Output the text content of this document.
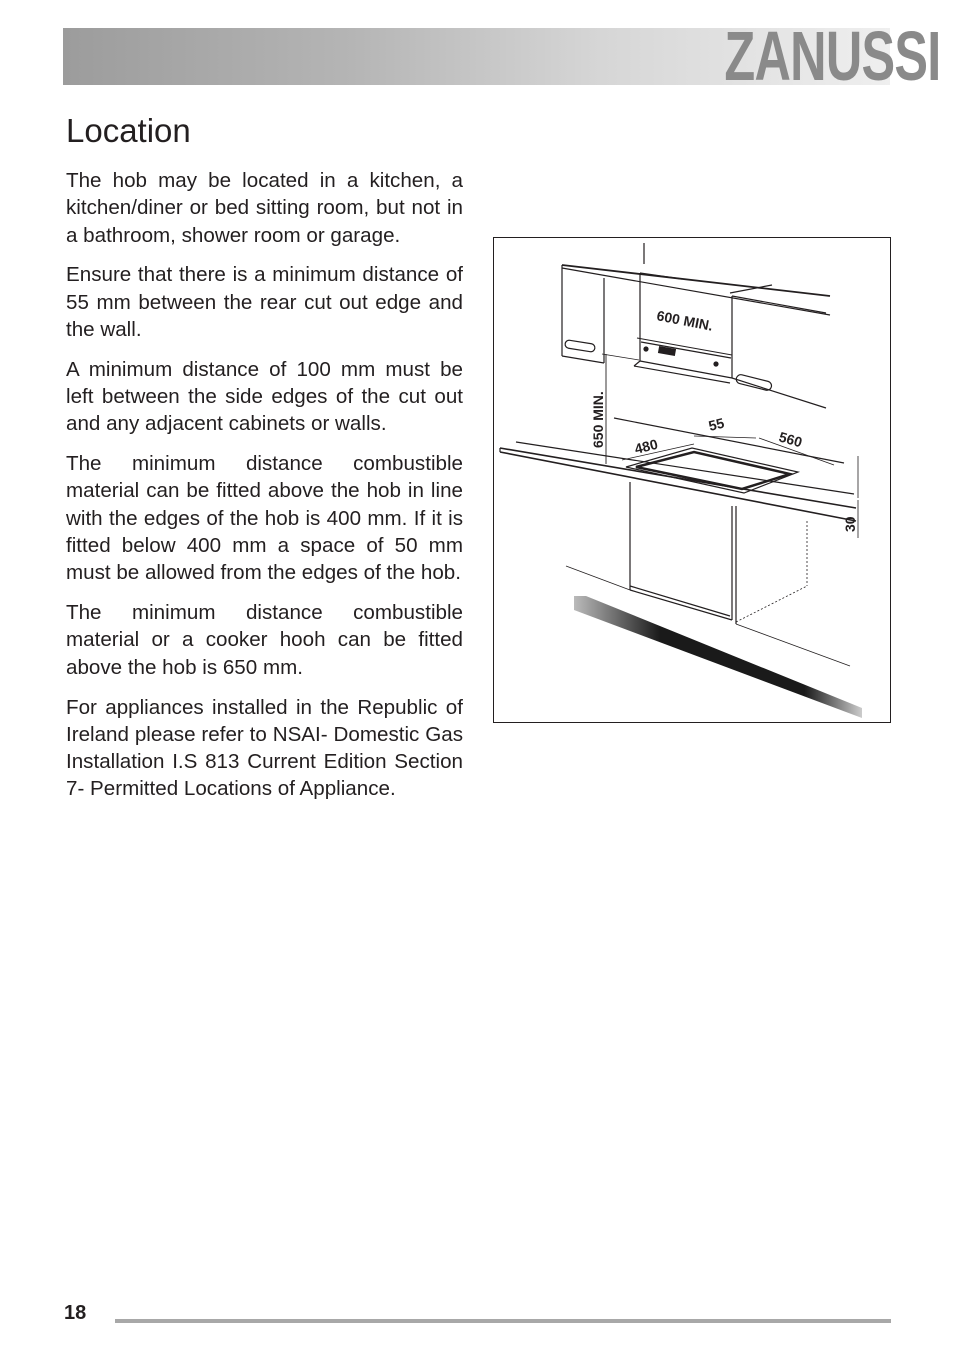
ZANUSSI
Location

The hob may be located in a kitchen, a kitchen/diner or bed sitting room, but not in a bathroom, shower room or garage.

Ensure that there is a minimum distance of 55 mm between the rear cut out edge and the wall.

A minimum distance of 100 mm must be left between the side edges of the cut out and any adjacent cabinets or walls.

The minimum distance combustible material can be fitted above the hob in line with the edges of the hob is 400 mm. If it is fitted below 400 mm a space of 50 mm must be allowed from the edges of the hob.

The minimum distance combustible material or a cooker hooh can be fitted above the hob is 650 mm.

For appliances installed in the Republic of Ireland please refer to NSAI- Domestic Gas Installation I.S 813 Current Edition Section 7- Permitted Locations of Appliance.

600 MIN.
650 MIN. 480
55
560
30
18
